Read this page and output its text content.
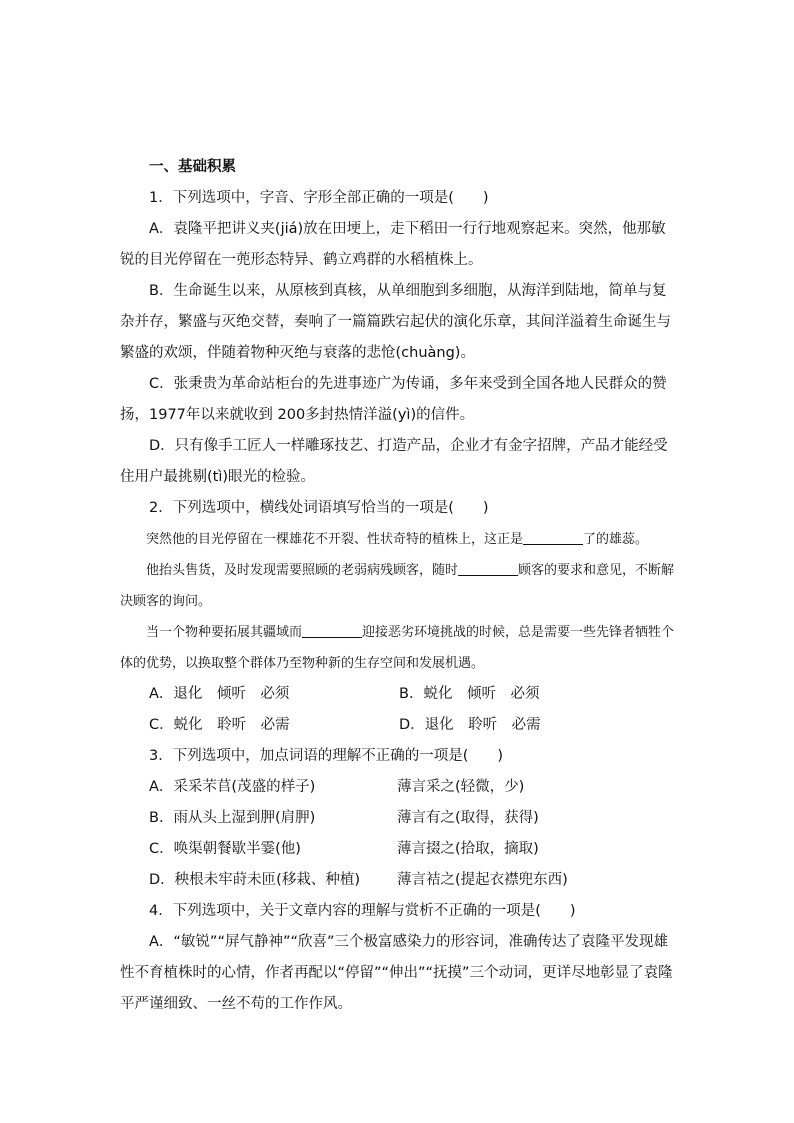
一、基础积累

1．下列选项中，字音、字形全部正确的一项是(　　)

A．袁隆平把讲义夹(jiá)放在田埂上，走下稻田一行行地观察起来。突然，他那敏锐的目光停留在一蔸形态特异、鹤立鸡群的水稻植株上。

B．生命诞生以来，从原核到真核，从单细胞到多细胞，从海洋到陆地，简单与复杂并存，繁盛与灭绝交替，奏响了一篇篇跌宕起伏的演化乐章，其间洋溢着生命诞生与繁盛的欢颂，伴随着物种灭绝与衰落的悲怆(chuàng)。

C．张秉贵为革命站柜台的先进事迹广为传诵，多年来受到全国各地人民群众的赞扬，1977年以来就收到 200多封热情洋溢(yì)的信件。

D．只有像手工匠人一样雕琢技艺、打造产品，企业才有金字招牌，产品才能经受住用户最挑剔(tì)眼光的检验。

2．下列选项中，横线处词语填写恰当的一项是(　　)

突然他的目光停留在一棵雄花不开裂、性状奇特的植株上，这正是	了的雄蕊。

他抬头售货，及时发现需要照顾的老弱病残顾客，随时	顾客的要求和意见，不断解决顾客的询问。

当一个物种要拓展其疆域而	迎接恶劣环境挑战的时候，总是需要一些先锋者牺牲个体的优势，以换取整个群体乃至物种新的生存空间和发展机遇。

A．退化　倾听　必须	B．蜕化　倾听　必须
C．蜕化　聆听　必需	D．退化　聆听　必需

3．下列选项中，加点词语的理解不正确的一项是(　　)

A．采采芣苢(茂盛的样子)	薄言采之(轻微，少)
B．雨从头上湿到胛(肩胛)	薄言有之(取得，获得)
C．唤渠朝餐歇半霎(他)	薄言掇之(拾取，摘取)
D．秧根未牢莳未匝(移栽、种植)	薄言袺之(提起衣襟兜东西)

4．下列选项中，关于文章内容的理解与赏析不正确的一项是(　　)

A．“敏锐”“屏气静神”“欣喜”三个极富感染力的形容词，准确传达了袁隆平发现雄性不育植株时的心情，作者再配以“停留”“伸出”“抚摸”三个动词，更详尽地彰显了袁隆平严谨细致、一丝不苟的工作作风。
